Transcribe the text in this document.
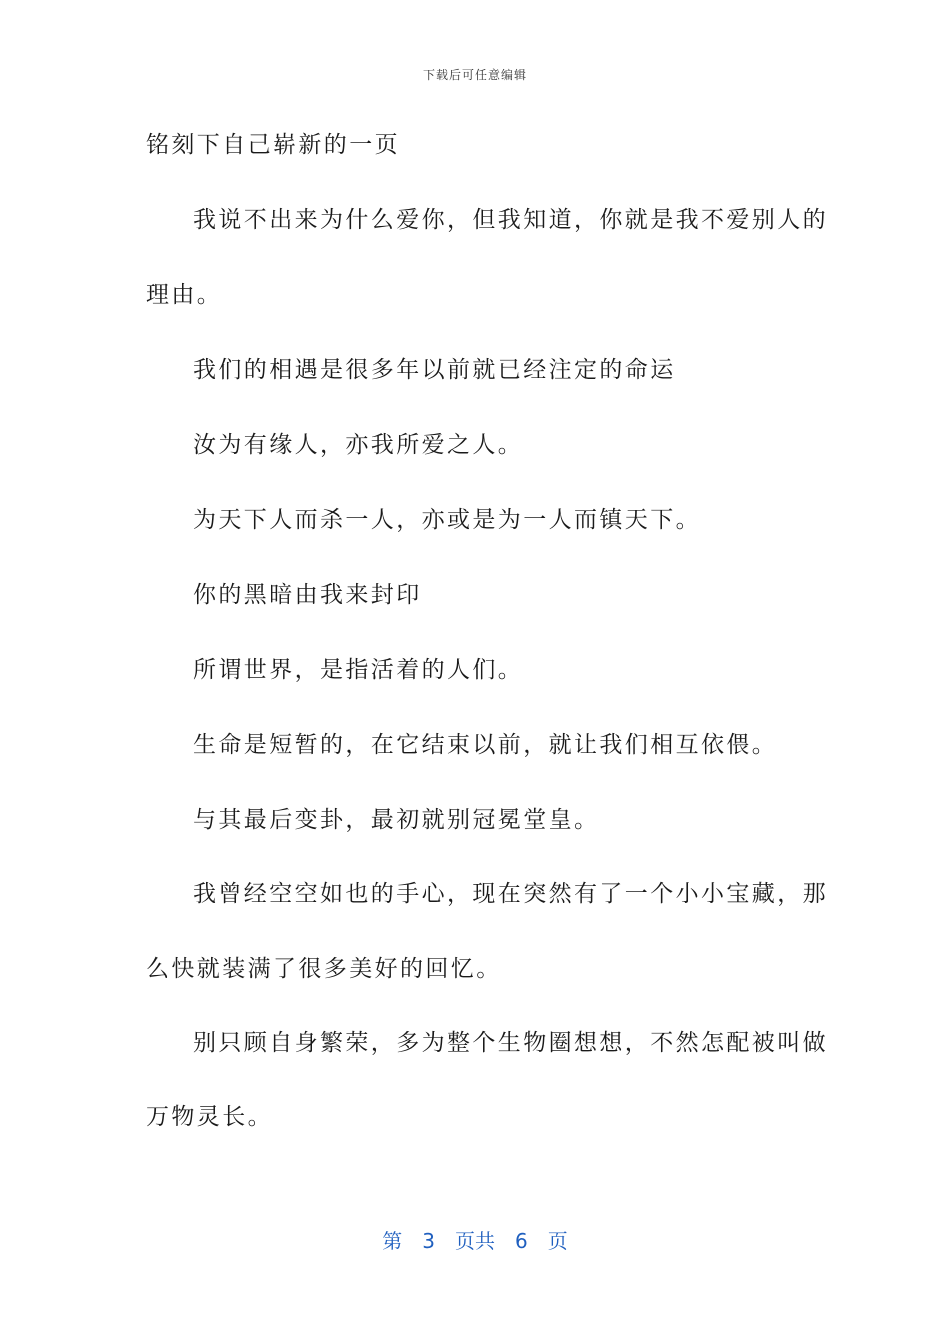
下载后可任意编辑
铭刻下自己崭新的一页
我说不出来为什么爱你，但我知道，你就是我不爱别人的
理由。
我们的相遇是很多年以前就已经注定的命运
汝为有缘人，亦我所爱之人。
为天下人而杀一人，亦或是为一人而镇天下。
你的黑暗由我来封印
所谓世界，是指活着的人们。
生命是短暂的，在它结束以前，就让我们相互依偎。
与其最后变卦，最初就别冠冕堂皇。
我曾经空空如也的手心，现在突然有了一个小小宝藏，那
么快就装满了很多美好的回忆。
别只顾自身繁荣，多为整个生物圈想想，不然怎配被叫做
万物灵长。
第 3 页共 6 页
